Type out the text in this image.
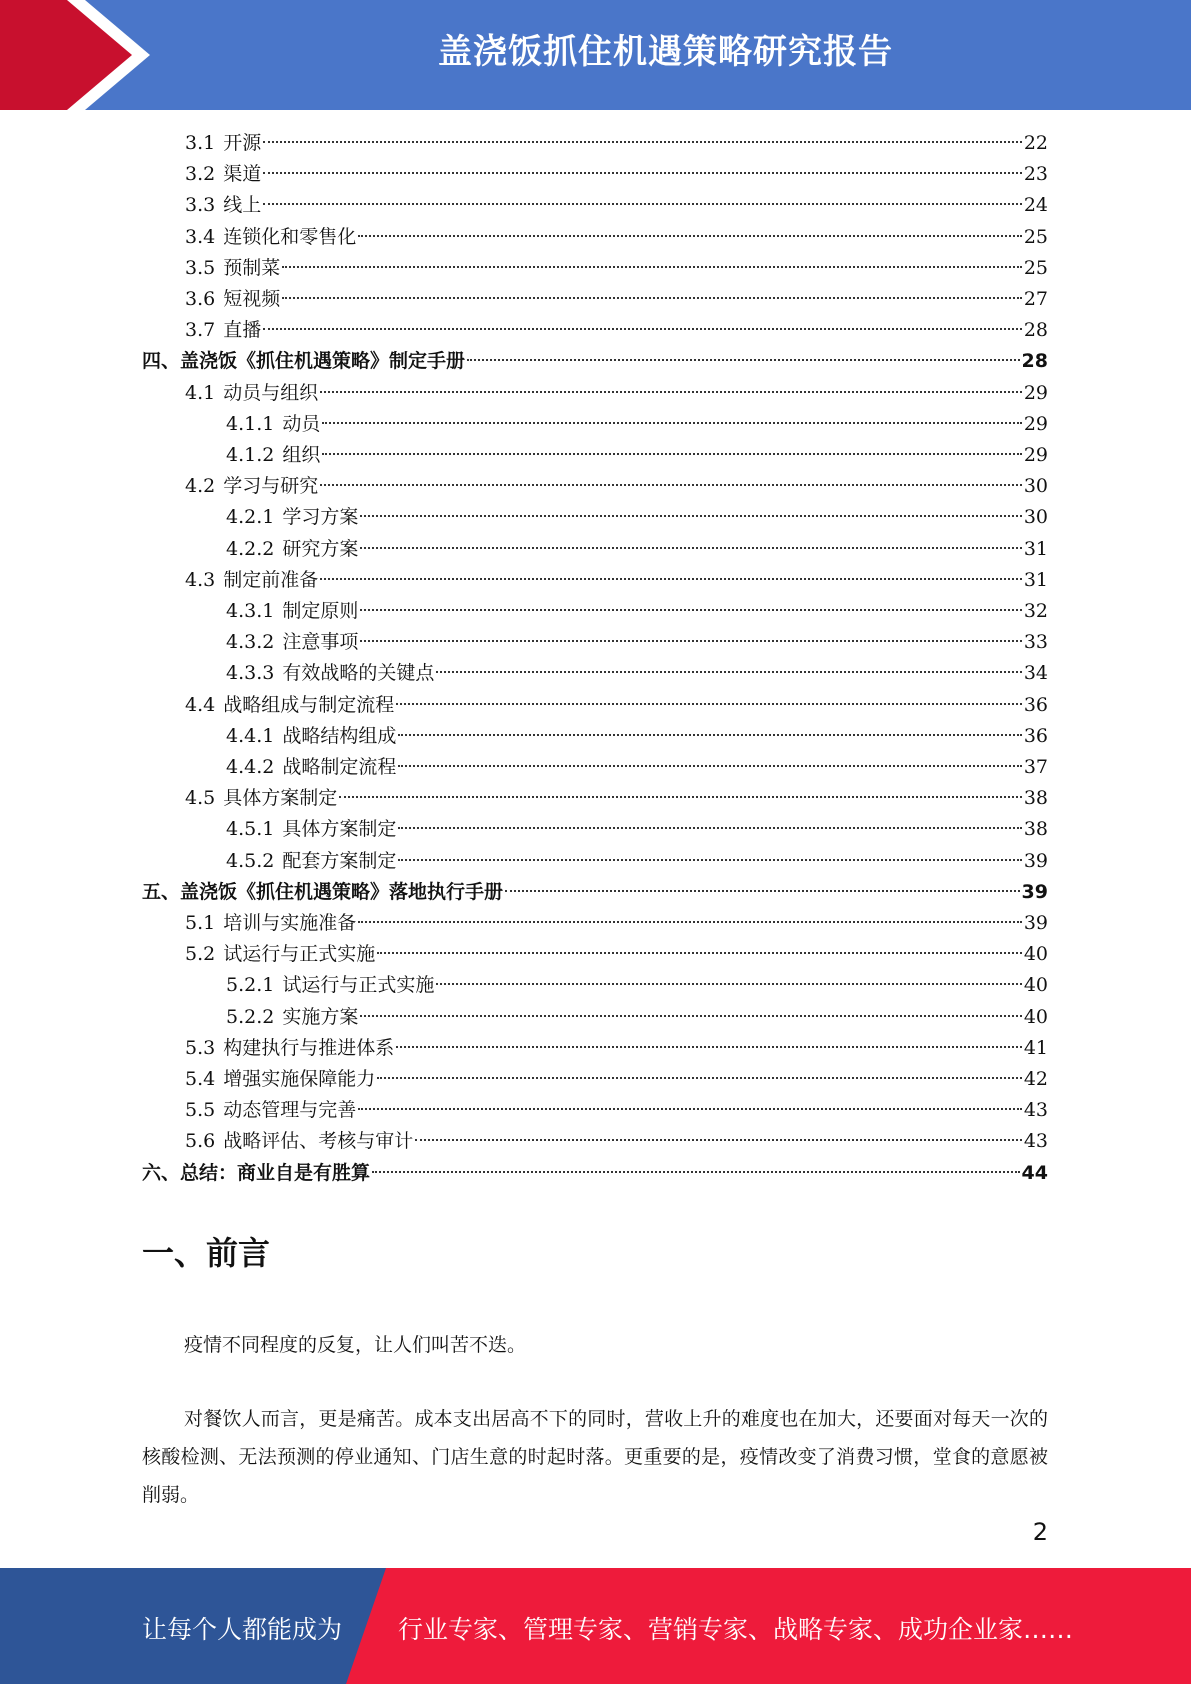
盖浇饭抓住机遇策略研究报告
3.1 开源	22
3.2 渠道	23
3.3 线上	24
3.4 连锁化和零售化	25
3.5 预制菜	25
3.6 短视频	27
3.7 直播	28
四、盖浇饭《抓住机遇策略》制定手册	28
4.1 动员与组织	29
4.1.1 动员	29
4.1.2 组织	29
4.2 学习与研究	30
4.2.1 学习方案	30
4.2.2 研究方案	31
4.3 制定前准备	31
4.3.1 制定原则	32
4.3.2 注意事项	33
4.3.3 有效战略的关键点	34
4.4 战略组成与制定流程	36
4.4.1 战略结构组成	36
4.4.2 战略制定流程	37
4.5 具体方案制定	38
4.5.1 具体方案制定	38
4.5.2 配套方案制定	39
五、盖浇饭《抓住机遇策略》落地执行手册	39
5.1 培训与实施准备	39
5.2 试运行与正式实施	40
5.2.1 试运行与正式实施	40
5.2.2 实施方案	40
5.3 构建执行与推进体系	41
5.4 增强实施保障能力	42
5.5 动态管理与完善	43
5.6 战略评估、考核与审计	43
六、总结：商业自是有胜算	44
一、前言
疫情不同程度的反复，让人们叫苦不迭。
对餐饮人而言，更是痛苦。成本支出居高不下的同时，营收上升的难度也在加大，还要面对每天一次的核酸检测、无法预测的停业通知、门店生意的时起时落。更重要的是，疫情改变了消费习惯，堂食的意愿被削弱。
2
让每个人都能成为 行业专家、管理专家、营销专家、战略专家、成功企业家……
